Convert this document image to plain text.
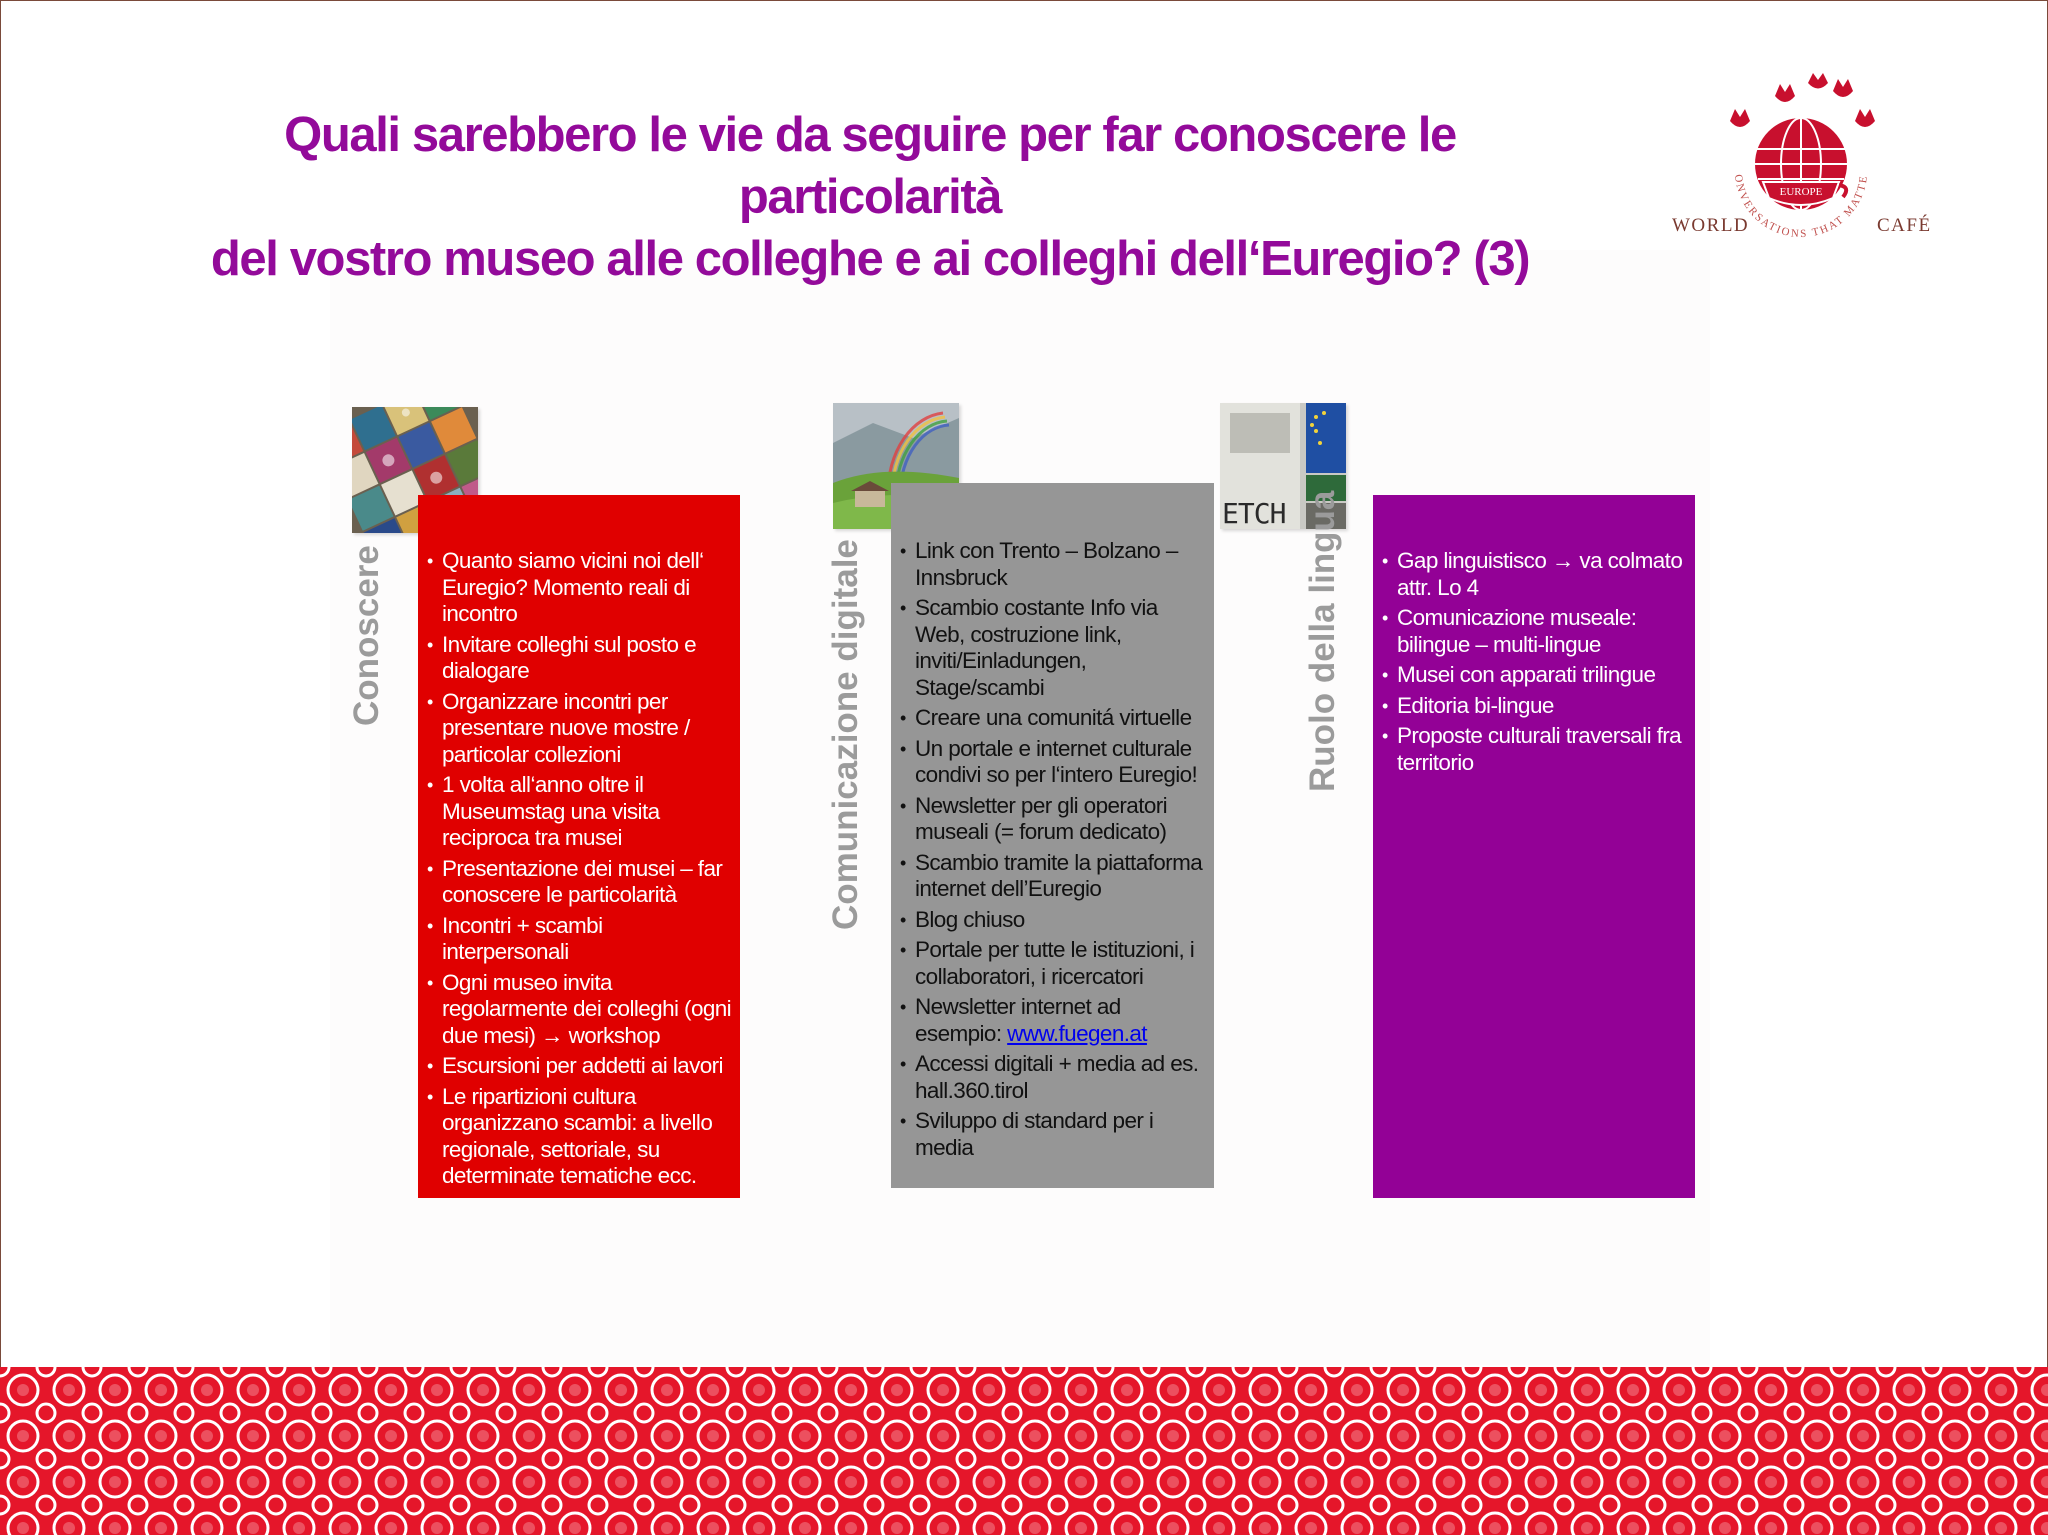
Quali sarebbero le vie da seguire per far conoscere le particolarità
del vostro museo alle colleghe e ai colleghi dell‘Euregio? (3)
EUROPE
ONVERSATIONS THAT MATTE
WORLD	CAFÉ
Conoscere	• Quanto siamo vicini noi dell‘ Euregio? Momento reali di incontro
• Invitare colleghi sul posto e dialogare
• Organizzare incontri per presentare nuove mostre / particolar collezioni
• 1 volta all‘anno oltre il Museumstag una visita reciproca tra musei
• Presentazione dei musei – far conoscere le particolarità
• Incontri + scambi interpersonali
• Ogni museo invita regolarmente dei colleghi (ogni due mesi) → workshop
• Escursioni per addetti ai lavori
• Le ripartizioni cultura organizzano scambi: a livello regionale, settoriale, su determinate tematiche ecc.
Comunicazione digitale	• Link con Trento – Bolzano – Innsbruck
• Scambio costante Info via Web, costruzione link, inviti/Einladungen, Stage/scambi
• Creare una comunitá virtuelle
• Un portale e internet culturale condivi so per l‘intero Euregio!
• Newsletter per gli operatori museali (= forum dedicato)
• Scambio tramite la piattaforma internet dell’Euregio
• Blog chiuso
• Portale per tutte le istituzioni, i collaboratori, i ricercatori
• Newsletter internet ad esempio: www.fuegen.at
• Accessi digitali + media ad es. hall.360.tirol
• Sviluppo di standard per i media
ETCH Ruolo della lingua	• Gap linguistisco → va colmato attr. Lo 4
• Comunicazione museale: bilingue – multi-lingue
• Musei con apparati trilingue
• Editoria bi-lingue
• Proposte culturali traversali fra territorio
